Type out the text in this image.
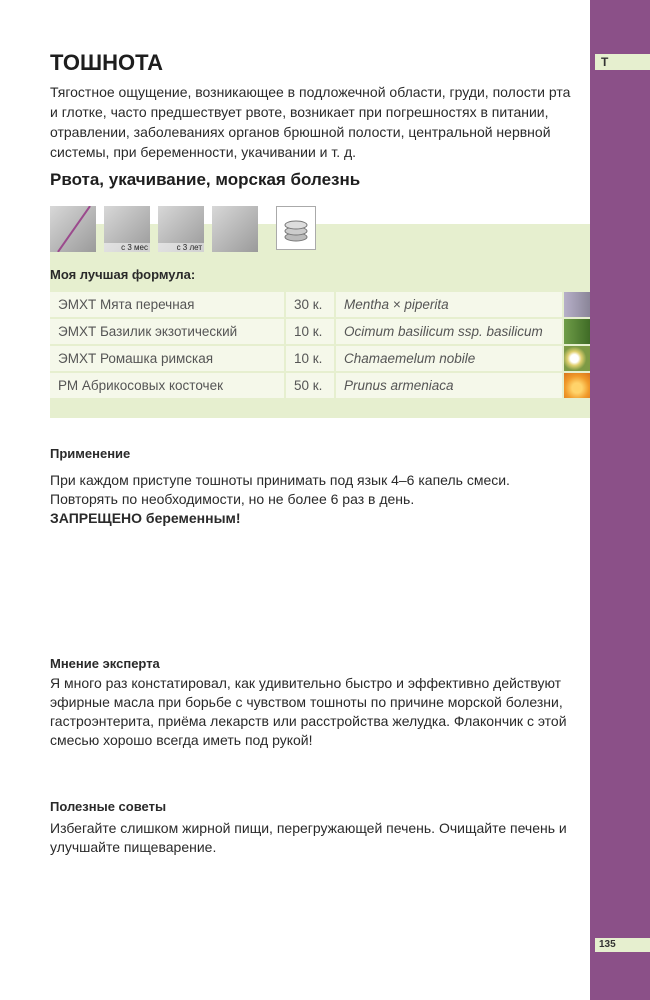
Т
135
ТОШНОТА

Тягостное ощущение, возникающее в подложечной области, груди, полости рта и глотке, часто предшествует рвоте, возникает при погрешностях в питании, отравлении, заболеваниях органов брюшной полости, центральной нервной системы, при беременности, укачивании и т. д.

Рвота, укачивание, морская болезнь
с 3 мес	с 3 лет
Моя лучшая формула:
ЭМХТ Мята перечная	30 к.	Mentha × piperita
ЭМХТ Базилик экзотический	10 к.	Ocimum basilicum ssp. basilicum
ЭМХТ Ромашка римская	10 к.	Chamaemelum nobile
РМ Абрикосовых косточек	50 к.	Prunus armeniaca
Применение

При каждом приступе тошноты принимать под язык 4–6 капель смеси. Повторять по необходимости, но не более 6 раз в день.
ЗАПРЕЩЕНО беременным!

Мнение эксперта

Я много раз констатировал, как удивительно быстро и эффективно действуют эфирные масла при борьбе с чувством тошноты по причине морской болезни, гастроэнтерита, приёма лекарств или расстройства желудка. Флакончик с этой смесью хорошо всегда иметь под рукой!

Полезные советы

Избегайте слишком жирной пищи, перегружающей печень. Очищайте печень и улучшайте пищеварение.
